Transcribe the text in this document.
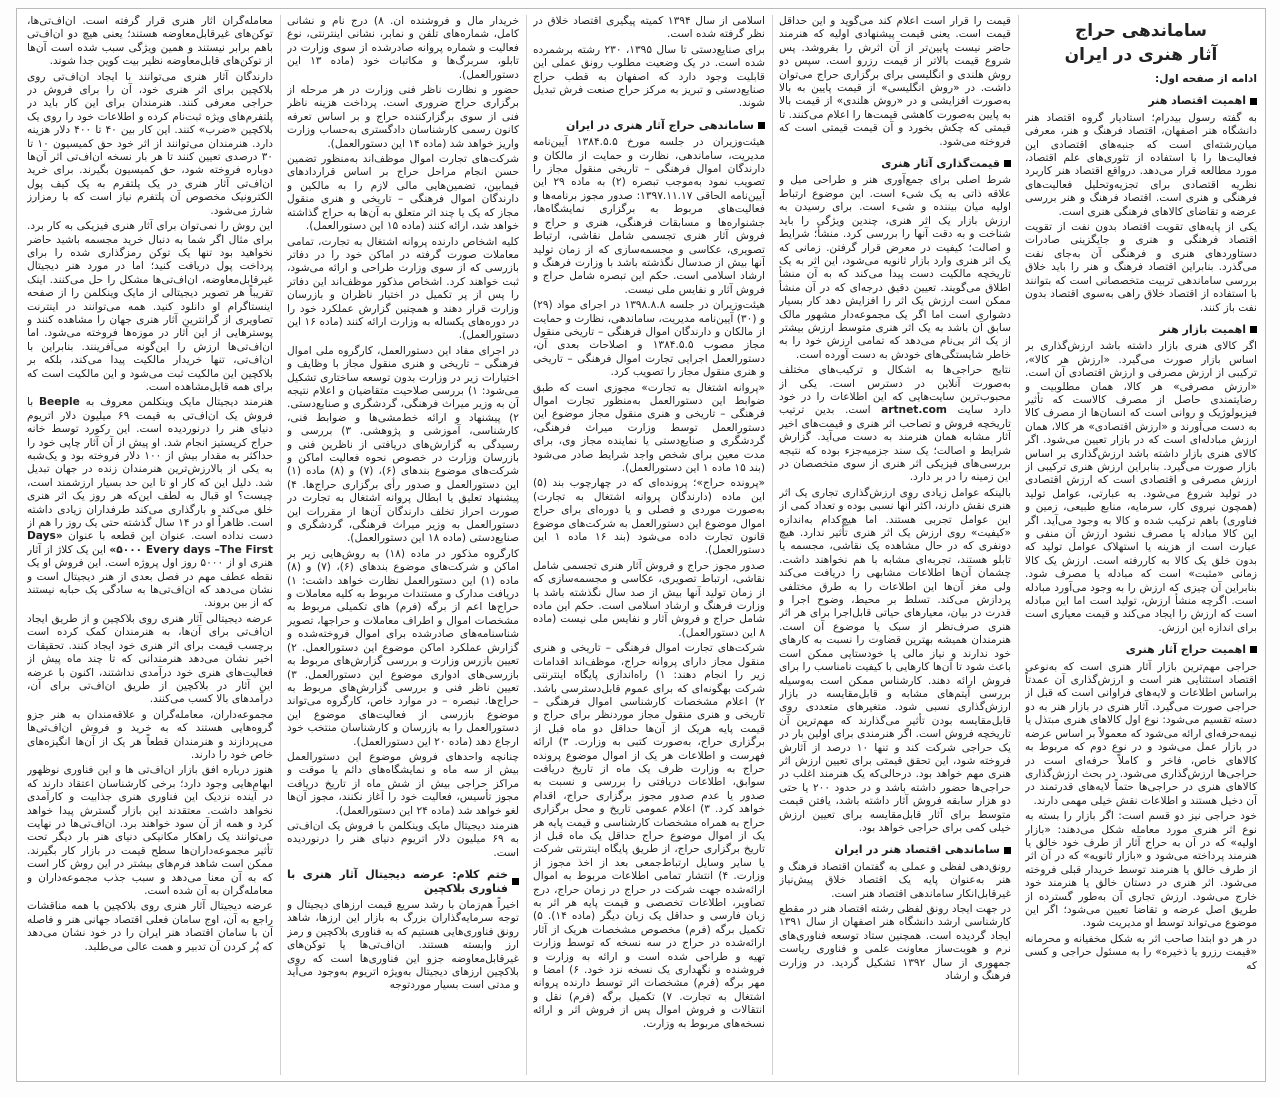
ساماندهی حراج
آثار هنری در ایران

ادامه از صفحه اول:

اهمیت اقتصاد هنر

به گفته رسول بیدرام؛ استادیار گروه اقتصاد هنر دانشگاه هنر اصفهان، اقتصاد فرهنگ و هنر، معرفی میان‌رشته‌ای است که جنبه‌های اقتصادی این فعالیت‌ها را با استفاده از تئوری‌های علم اقتصاد، مورد مطالعه قرار می‌دهد. درواقع اقتصاد هنر کاربرد نظریه اقتصادی برای تجزیه‌وتحلیل فعالیت‌های فرهنگی و هنری است. اقتصاد فرهنگ و هنر بررسی عرضه و تقاضای کالاهای فرهنگی هنری است.

یکی از پایه‌های تقویت اقتصاد بدون نفت از تقویت اقتصاد فرهنگی و هنری و جایگزینی صادرات دستاوردهای هنری و فرهنگی آن به‌جای نفت می‌گذرد. بنابراین اقتصاد فرهنگ و هنر را باید خلاق بررسی ساماندهی تربیت متخصصانی است که بتوانند با استفاده از اقتصاد خلاق راهی به‌سوی اقتصاد بدون نفت باز کنند.

اهمیت بازار هنر

اگر کالای هنری بازار داشته باشد ارزش‌گذاری بر اساس بازار صورت می‌گیرد. «ارزش هر کالا»، ترکیبی از ارزش مصرفی و ارزش اقتصادی آن است. «ارزش مصرفی» هر کالا، همان مطلوبیت و رضایتمندی حاصل از مصرف کالاست که تأثیر فیزیولوژیک و روانی است که انسان‌ها از مصرف کالا به دست می‌آورند و «ارزش اقتصادی» هر کالا، همان ارزش مبادله‌ای است که در بازار تعیین می‌شود. اگر کالای هنری بازار داشته باشد ارزش‌گذاری بر اساس بازار صورت می‌گیرد. بنابراین ارزش هنری ترکیبی از ارزش مصرفی و اقتصادی است که ارزش اقتصادی در تولید شروع می‌شود. به عبارتی، عوامل تولید (همچون نیروی کار، سرمایه، منابع طبیعی، زمین و فناوری) باهم ترکیب شده و کالا به وجود می‌آید. اگر این کالا مبادله یا مصرف نشود ارزش آن منفی و عبارت است از هزینه یا استهلاک عوامل تولید که بدون خلق یک کالا به کاررفته است. ارزش یک کالا زمانی «مثبت» است که مبادله یا مصرف شود. بنابراین آن چیزی که ارزش را به وجود می‌آورد مبادله است. اگرچه منشأ ارزش، تولید است اما این مبادله است که ارزش را ایجاد می‌کند و قیمت معیاری است برای اندازه این ارزش.

اهمیت حراج آثار هنری

حراجی مهم‌ترین بازار آثار هنری است که به‌نوعی اقتصاد استثنایی هنر است و ارزش‌گذاری آن عمدتاً براساس اطلاعات و لایه‌های فراوانی است که قبل از حراجی صورت می‌گیرد. آثار هنری در بازار هنر به دو دسته تقسیم می‌شود: نوع اول کالاهای هنری مبتذل یا نیمه‌حرفه‌ای ارائه می‌شود که معمولاً بر اساس عرضه در بازار عمل می‌شود و در نوع دوم که مربوط به کالاهای خاص، فاخر و کاملاً حرفه‌ای است در حراجی‌ها ارزش‌گذاری می‌شود. در بحث ارزش‌گذاری کالاهای هنری در حراجی‌ها حتماً لایه‌های قدرتمند در آن دخیل هستند و اطلاعات نقش خیلی مهمی دارند.

خود حراجی نیز دو قسم است: اگر بازار را بسته به نوع اثر هنری مورد معامله شکل می‌دهند: «بازار اولیه» که در آن به حراج آثار از طرف خود خالق یا هنرمند پرداخته می‌شود و «بازار ثانویه» که در آن اثر از طرف خالق یا هنرمند توسط خریدار قبلی فروخته می‌شود. اثر هنری در دستان خالق یا هنرمند خود خارج می‌شود. ارزش تجاری آن به‌طور گسترده از طریق اصل عرضه و تقاضا تعیین می‌شود؛ اگر این موضوع می‌تواند توسط او مدیریت شود.

در هر دو ابتدا صاحب اثر به شکل مخفیانه و محرمانه «قیمت رزرو یا ذخیره» را به مسئول حراجی و کسی که

قیمت را قرار است اعلام کند می‌گوید و این حداقل قیمت است. یعنی قیمت پیشنهادی اولیه که هنرمند حاضر نیست پایین‌تر از آن اثرش را بفروشد. پس شروع قیمت بالاتر از قیمت رزرو است. سپس دو روش هلندی و انگلیسی برای برگزاری حراج می‌توان داشت. در «روش انگلیسی» از قیمت پایین به بالا به‌صورت افزایشی و در «روش هلندی» از قیمت بالا به پایین به‌صورت کاهشی قیمت‌ها را اعلام می‌کنند. تا قیمتی که چکش بخورد و آن قیمت قیمتی است که فروخته می‌شود.

قیمت‌گذاری آثار هنری

شرط اصلی برای جمع‌آوری هنر و طراحی میل و علاقه ذاتی به یک شیء است. این موضوع ارتباط اولیه میان بیننده و شیء است. برای رسیدن به ارزش بازار یک اثر هنری، چندین ویژگی را باید شناخت و به دقت آنها را بررسی کرد. منشأ؛ شرایط و اصالت؛ کیفیت در معرض قرار گرفتن. زمانی که یک اثر هنری وارد بازار ثانویه می‌شود، این اثر به یک تاریخچه مالکیت دست پیدا می‌کند که به آن منشأ اطلاق می‌گویند. تعیین دقیق درجه‌ای که در آن منشأ ممکن است ارزش یک اثر را افزایش دهد کار بسیار دشواری است اما اگر یک مجموعه‌دار مشهور مالک سابق آن باشد به یک اثر هنری متوسط ارزش بیشتر از یک اثر بی‌نام می‌دهد که تمامی ارزش خود را به خاطر شایستگی‌های خودش به دست آورده است.

نتایج حراجی‌ها به اشکال و ترکیب‌های مختلف به‌صورت آنلاین در دسترس است. یکی از محبوب‌ترین سایت‌هایی که این اطلاعات را در خود دارد سایت artnet.com است. بدین ترتیب تاریخچه فروش و تصاحب اثر هنری و قیمت‌های اخیر آثار مشابه همان هنرمند به دست می‌آید. گزارش شرایط و اصالت؛ یک سند جزمیه‌جزء بوده که نتیجه بررسی‌های فیزیکی اثر هنری از سوی متخصصان در این زمینه را در بر دارد.

بالینکه عوامل زیادی روی ارزش‌گذاری تجاری یک اثر هنری نقش دارند، اکثر آنها نسبی بوده و تعداد کمی از این عوامل تجربی هستند. اما هیچ‌کدام به‌اندازه «کیفیت» روی ارزش یک اثر هنری تأثیر ندارد. هیچ دونفری که در حال مشاهده یک نقاشی، مجسمه یا تابلو هستند، تجربه‌ای مشابه با هم نخواهند داشت. چشمان آن‌ها اطلاعات مشابهی را دریافت می‌کند ولی مغز آن‌ها این اطلاعات را به طرق مختلفی پردازش می‌کند. تسلط بر محیط، وضوح اجرا و قدرت در بیان، معیارهای حیاتی قابل‌اجرا برای هر اثر هنری صرف‌نظر از سبک یا موضوع آن است. هنرمندان همیشه بهترین قضاوت را نسبت به کارهای خود ندارند و نیاز مالی یا خودستایی ممکن است باعث شود تا آن‌ها کارهایی با کیفیت نامناسب را برای فروش ارائه دهند. کارشناس ممکن است به‌وسیله بررسی آیتم‌های مشابه و قابل‌مقایسه در بازار ارزش‌گذاری نسبی شود. متغیرهای متعددی روی قابل‌مقایسه بودن تأثیر می‌گذارند که مهم‌ترین آن تاریخچه فروش است. اگر هنرمندی برای اولین بار در یک حراجی شرکت کند و تنها ۱۰ درصد از آثارش فروخته شود، این تحقق قیمتی برای تعیین ارزش اثر هنری مهم خواهد بود. درحالی‌که یک هنرمند اغلب در حراجی‌ها حضور داشته باشد و در حدود ۲۰۰ یا حتی دو هزار سابقه فروش آثار داشته باشد، یافتن قیمت متوسط برای آثار قابل‌مقایسه برای تعیین ارزش خیلی کمی برای حراجی خواهد بود.

ساماندهی اقتصاد هنر در ایران

رونق‌دهی لفظی و عملی به گفتمان اقتصاد فرهنگ و هنر به‌عنوان پایه یک اقتصاد خلاق پیش‌نیاز غیرقابل‌انکار ساماندهی اقتصاد هنر است.

در جهت ایجاد رونق لفظی رشته اقتصاد هنر در مقطع کارشناسی ارشد دانشگاه هنر اصفهان از سال ۱۳۹۱ ایجاد گردیده است. همچنین ستاد توسعه فناوری‌های نرم و هویت‌ساز معاونت علمی و فناوری ریاست جمهوری از سال ۱۳۹۲ تشکیل گردید. در وزارت فرهنگ و ارشاد

اسلامی از سال ۱۳۹۴ کمیته پیگیری اقتصاد خلاق در نظر گرفته شده است.

برای صنایع‌دستی تا سال ۱۳۹۵، ۲۳۰ رشته برشمرده شده است. در یک وضعیت مطلوب رونق عملی این قابلیت وجود دارد که اصفهان به قطب حراج صنایع‌دستی و تبریز به مرکز حراج صنعت فرش تبدیل شوند.

ساماندهی حراج آثار هنری در ایران

هیئت‌وزیران در جلسه مورخ ۱۳۸۴.۵.۵ آیین‌نامه مدیریت، ساماندهی، نظارت و حمایت از مالکان و دارندگان اموال فرهنگی – تاریخی منقول مجاز را تصویب نمود به‌موجب تبصره (۲) به ماده ۲۹ این آیین‌نامه الحاقی ۱۳۹۷.۱۱.۱۷: صدور مجوز برنامه‌ها و فعالیت‌های مربوط به برگزاری نمایشگاه‌ها، جشنواره‌ها و مسابقات فرهنگی، هنری و حراج و فروش آثار هنری تجسمی شامل نقاشی، ارتباط تصویری، عکاسی و مجسمه‌سازی که از زمان تولید آنها بیش از صدسال نگذشته باشد با وزارت فرهنگ و ارشاد اسلامی است. حکم این تبصره شامل حراج و فروش آثار و نفایس ملی نیست.

هیئت‌وزیران در جلسه ۱۳۹۸.۸.۸ در اجرای مواد (۲۹) و (۳۰) آیین‌نامه مدیریت، ساماندهی، نظارت و حمایت از مالکان و دارندگان اموال فرهنگی – تاریخی منقول مجاز مصوب ۱۳۸۴.۵.۵ و اصلاحات بعدی آن، دستورالعمل اجرایی تجارت اموال فرهنگی – تاریخی و هنری منقول مجاز را تصویب کرد.

«پروانه اشتغال به تجارت» مجوزی است که طبق ضوابط این دستورالعمل به‌منظور تجارت اموال فرهنگی – تاریخی و هنری منقول مجاز موضوع این دستورالعمل توسط وزارت میراث فرهنگی، گردشگری و صنایع‌دستی یا نماینده مجاز وی، برای مدت معین برای شخص واجد شرایط صادر می‌شود (بند ۱۵ ماده ۱ این دستورالعمل).

«پرونده حراج»؛ پرونده‌ای که در چهارچوب بند (۵) این ماده (دارندگان پروانه اشتغال به تجارت) به‌صورت موردی و فصلی و یا دوره‌ای برای حراج اموال موضوع این دستورالعمل به شرکت‌های موضوع قانون تجارت داده می‌شود (بند ۱۶ ماده ۱ این دستورالعمل).

صدور مجوز حراج و فروش آثار هنری تجسمی شامل نقاشی، ارتباط تصویری، عکاسی و مجسمه‌سازی که از زمان تولید آنها بیش از صد سال نگذشته باشد با وزارت فرهنگ و ارشاد اسلامی است. حکم این ماده شامل حراج و فروش آثار و نفایس ملی نیست (ماده ۸ این دستورالعمل).

شرکت‌های تجارت اموال فرهنگی – تاریخی و هنری منقول مجاز دارای پروانه حراج، موظف‌اند اقدامات زیر را انجام دهند: ۱) راه‌اندازی پایگاه اینترنتی شرکت بهگونه‌ای که برای عموم قابل‌دسترسی باشد. ۲) اعلام مشخصات کارشناسی اموال فرهنگی – تاریخی و هنری منقول مجاز موردنظر برای حراج و قیمت پایه هریک از آن‌ها حداقل دو ماه قبل از برگزاری حراج، به‌صورت کتبی به وزارت. ۳) ارائه فهرست و اطلاعات هر یک از اموال موضوع پرونده حراج به وزارت ظرف یک ماه از تاریخ دریافت سوابق، اطلاعات دریافتی را بررسی و نسبت به صدور یا عدم صدور مجوز برگزاری حراج، اقدام خواهد کرد. ۳) اعلام عمومی تاریخ و محل برگزاری حراج به همراه مشخصات کارشناسی و قیمت پایه هر یک از اموال موضوع حراج حداقل یک ماه قبل از تاریخ برگزاری حراج، از طریق پایگاه اینترنتی شرکت یا سایر وسایل ارتباط‌جمعی بعد از اخذ مجوز از وزارت. ۴) انتشار تمامی اطلاعات مربوط به اموال ارائه‌شده جهت شرکت در حراج در زمان حراج، درج تصاویر، اطلاعات تخصصی و قیمت پایه هر اثر به زبان فارسی و حداقل یک زبان دیگر (ماده ۱۴). ۵) تکمیل برگه (فرم) مخصوص مشخصات هریک از آثار ارائه‌شده در حراج در سه نسخه که توسط وزارت تهیه و طراحی شده است و ارائه به وزارت و فروشنده و نگهداری یک نسخه نزد خود. ۶) امضا و مهر برگه (فرم) مشخصات اثر توسط دارنده پروانه اشتغال به تجارت. ۷) تکمیل برگه (فرم) نقل و انتقالات و فروش اموال پس از فروش اثر و ارائه نسخه‌های مربوط به وزارت.

خریدار مال و فروشنده آن. ۸) درج نام و نشانی کامل، شماره‌های تلفن و نمابر، نشانی اینترنتی، نوع فعالیت و شماره پروانه صادرشده از سوی وزارت در تابلو، سربرگ‌ها و مکاتبات خود (ماده ۱۳ این دستورالعمل).

حضور و نظارت ناظر فنی وزارت در هر مرحله از برگزاری حراج ضروری است. پرداخت هزینه ناظر فنی از سوی برگزارکننده حراج و بر اساس تعرفه کانون رسمی کارشناسان دادگستری به‌حساب وزارت واریز خواهد شد (ماده ۱۴ این دستورالعمل).

شرکت‌های تجارت اموال موظف‌اند به‌منظور تضمین حسن انجام مراحل حراج بر اساس قراردادهای فیمابین، تضمین‌هایی مالی لازم را به مالکین و دارندگان اموال فرهنگی – تاریخی و هنری منقول مجاز که یک یا چند اثر متعلق به آن‌ها به حراج گذاشته خواهد شد، ارائه کنند (ماده ۱۵ این دستورالعمل).

کلیه اشخاص دارنده پروانه اشتغال به تجارت، تمامی معاملات صورت گرفته در اماکن خود را در دفاتر بازرسی که از سوی وزارت طراحی و ارائه می‌شود، ثبت خواهند کرد. اشخاص مذکور موظف‌اند این دفاتر را پس از پر تکمیل در اختیار ناظران و بازرسان وزارت قرار دهند و همچنین گزارش عملکرد خود را در دوره‌های یکساله به وزارت ارائه کنند (ماده ۱۶ این دستورالعمل).

در اجرای مفاد این دستورالعمل، کارگروه ملی اموال فرهنگی – تاریخی و هنری منقول مجاز با وظایف و اختیارات زیر در وزارت بدون توسعه ساختاری تشکیل می‌شود: ۱) بررسی صلاحیت متقاضیان و اعلام نتیجه آن به وزیر میراث فرهنگی، گردشگری و صنایع‌دستی. ۲) پیشنهاد و ارائه خط‌مشی‌ها و ضوابط فنی، کارشناسی، آموزشی و پژوهشی. ۳) بررسی و رسیدگی به گزارش‌های دریافتی از ناظرین فنی و بازرسان وزارت در خصوص نحوه فعالیت اماکن و شرکت‌های موضوع بندهای (۶)، (۷) و (۸) ماده (۱) این دستورالعمل و صدور رأی برگزاری حراج‌ها. ۴) پیشنهاد تعلیق یا ابطال پروانه اشتغال به تجارت در صورت احراز تخلف دارندگان آن‌ها از مقررات این دستورالعمل به وزیر میراث فرهنگی، گردشگری و صنایع‌دستی (ماده ۱۸ این دستورالعمل).

کارگروه مذکور در ماده (۱۸) به روش‌هایی زیر بر اماکن و شرکت‌های موضوع بندهای (۶)، (۷) و (۸) ماده (۱) این دستورالعمل نظارت خواهد داشت: ۱) دریافت مدارک و مستندات مربوط به کلیه معاملات و حراج‌ها اعم از برگه (فرم) های تکمیلی مربوط به مشخصات اموال و اطراف معاملات و حراجها، تصویر شناسنامه‌های صادرشده برای اموال فروخته‌شده و گزارش عملکرد اماکن موضوع این دستورالعمل. ۲) تعیین بازرس وزارت و بررسی گزارش‌های مربوط به بازرسی‌های ادواری موضوع این دستورالعمل. ۳) تعیین ناظر فنی و بررسی گزارش‌های مربوط به حراج‌ها. تبصره – در موارد خاص، کارگروه می‌تواند موضوع بازرسی از فعالیت‌های موضوع این دستورالعمل را به بازرسان و کارشناسان منتخب خود ارجاع دهد (ماده ۲۰ این دستورالعمل).

چنانچه واحدهای فروش موضوع این دستورالعمل بیش از سه ماه و نمایشگاه‌های دائم یا موقت و مراکز حراجی بیش از شش ماه از تاریخ دریافت مجوز تأسیس، فعالیت خود را آغاز نکنند، مجوز آن‌ها لغو خواهد شد (ماده ۲۴ این دستورالعمل).

هنرمند دیجیتال مایک وینکلمن با فروش یک ان‌اف‌تی به ۶۹ میلیون دلار اتریوم دنیای هنر را درنوردیده است.

ختم کلام: عرضه دیجیتال آثار هنری با فناوری بلاکچین

اخیراً هم‌زمان با رشد سریع قیمت ارزهای دیجیتال و توجه سرمایه‌گذاران بزرگ به بازار این ارزها، شاهد رونق فناوری‌هایی هستیم که به فناوری بلاکچین و رمز ارز وابسته هستند. ان‌اف‌تی‌ها یا توکن‌های غیرقابل‌معاوضه جزو این فناوری‌ها است که روی بلاکچین ارزهای دیجیتال به‌ویژه اتریوم به‌وجود می‌آید و مدتی است بسیار موردتوجه

معامله‌گران آثار هنری قرار گرفته است. ان‌اف‌تی‌ها، توکن‌های غیرقابل‌معاوضه هستند؛ یعنی هیچ دو ان‌اف‌تی باهم برابر نیستند و همین ویژگی سبب شده است آن‌ها از توکن‌های قابل‌معاوضه نظیر بیت کوین جدا شوند.

دارندگان آثار هنری می‌توانند با ایجاد ان‌اف‌تی روی بلاکچین برای اثر هنری خود، آن را برای فروش در حراجی معرفی کنند. هنرمندان برای این کار باید در پلتفرم‌های ویژه ثبت‌نام کرده و اطلاعات خود را روی یک بلاکچین «ضرب» کنند. این کار بین ۴۰ تا ۴۰۰ دلار هزینه دارد. هنرمندان می‌توانند از اثر خود حق کمیسیون ۱۰ تا ۳۰ درصدی تعیین کنند تا هر بار نسخه ان‌اف‌تی اثر آن‌ها دوباره فروخته شود، حق کمیسیون بگیرند. برای خرید ان‌اف‌تی آثار هنری در یک پلتفرم به یک کیف پول الکترونیک مخصوص آن پلتفرم نیاز است که با رمزارز شارژ می‌شود.

این روش را نمی‌توان برای آثار هنری فیزیکی به کار برد. برای مثال اگر شما به دنبال خرید مجسمه باشید حاضر نخواهید بود تنها یک توکن رمزگذاری شده را برای پرداخت پول دریافت کنید؛ اما در مورد هنر دیجیتال غیرقابل‌معاوضه، ان‌اف‌تی‌ها مشکل را حل می‌کنند. اینک تقریباً هر تصویر دیجیتالی از مایک وینکلمن را از صفحه اینستاگرام او دانلود کنید. همه می‌توانند در اینترنت تصاویری از گرانترین آثار هنری جهان را مشاهده کنند و پوسترهایی از این آثار در موزه‌ها فروخته می‌شود. اما ان‌اف‌تی‌ها ارزش را این‌گونه می‌آفرینند. بنابراین با ان‌اف‌تی، تنها خریدار مالکیت پیدا می‌کند، بلکه بر بلاکچین این مالکیت ثبت می‌شود و این مالکیت است که برای همه قابل‌مشاهده است.

هنرمند دیجیتال مایک وینکلمن معروف به Beeple با فروش یک ان‌اف‌تی به قیمت ۶۹ میلیون دلار اتریوم دنیای هنر را درنوردیده است. این رکورد توسط خانه حراج کریستیز انجام شد. او پیش از آن آثار چاپی خود را حداکثر به مقدار بیش از ۱۰۰ دلار فروخته بود و یک‌شبه به یکی از بالارزش‌ترین هنرمندان زنده در جهان تبدیل شد. دلیل این که کار او تا این حد بسیار ارزشمند است، چیست؟ او قبال به لطف این‌که هر روز یک اثر هنری خلق می‌کند و بارگذاری می‌کند طرفداران زیادی داشته است. ظاهراً او در ۱۴ سال گذشته حتی یک روز را هم از دست نداده است. عنوان این قطعه با عنوان «Days ۵۰۰۰ Every days –The First» این یک کلاژ از آثار هنری او از ۵۰۰۰ روز اول پروژه است. این فروش او یک نقطه عطف مهم در فصل بعدی از هنر دیجیتال است و نشان می‌دهد که ان‌اف‌تی‌ها به سادگی یک حبابه نیستند که از بین بروند.

عرضه دیجیتالی آثار هنری روی بلاکچین و از طریق ایجاد ان‌اف‌تی برای آن‌ها، به هنرمندان کمک کرده است برچسب قیمت برای اثر هنری خود ایجاد کنند. تحقیقات اخیر نشان می‌دهد هنرمندانی که تا چند ماه پیش از فعالیت‌های هنری خود درآمدی نداشتند، اکنون با عرضه این آثار در بلاکچین از طریق ان‌اف‌تی برای آن، درآمدهای بالا کسب می‌کنند.

مجموعه‌داران، معامله‌گران و علاقه‌مندان به هنر جزو گروه‌هایی هستند که به خرید و فروش ان‌اف‌تی‌ها می‌پردازند و هنرمندان قطعاً هر یک از آن‌ها انگیزه‌های خاص خود را دارند.

هنوز درباره افق بازار ان‌اف‌تی ها و این فناوری نوظهور ابهام‌هایی وجود دارد؛ برخی کارشناسان اعتقاد دارند که در آینده نزدیک این فناوری هنری جذابیت و کارآمدی نخواهد داشت. معتقدند این بازار گسترش پیدا خواهد کرد و همه از آن سود خواهند برد. ان‌اف‌تی‌ها در نهایت می‌توانند یک راهکار مکانیکی دنیای هنر بار دیگر تحت تأثیر مجموعه‌داران‌ها سطح قیمت در بازار کار بگیرند. ممکن است شاهد فرم‌های بیشتر در این روش کار است که به آن معنا می‌دهد و سبب جذب مجموعه‌داران و معامله‌گران به آن شده است.

عرضه دیجیتال آثار هنری روی بلاکچین با همه مناقشات راجع به آن، اوج سامان فعلی اقتصاد جهانی هنر و فاصله آن با سامان اقتصاد هنر ایران را در خود نشان می‌دهد که پُر کردن آن تدبیر و همت عالی می‌طلبد.
